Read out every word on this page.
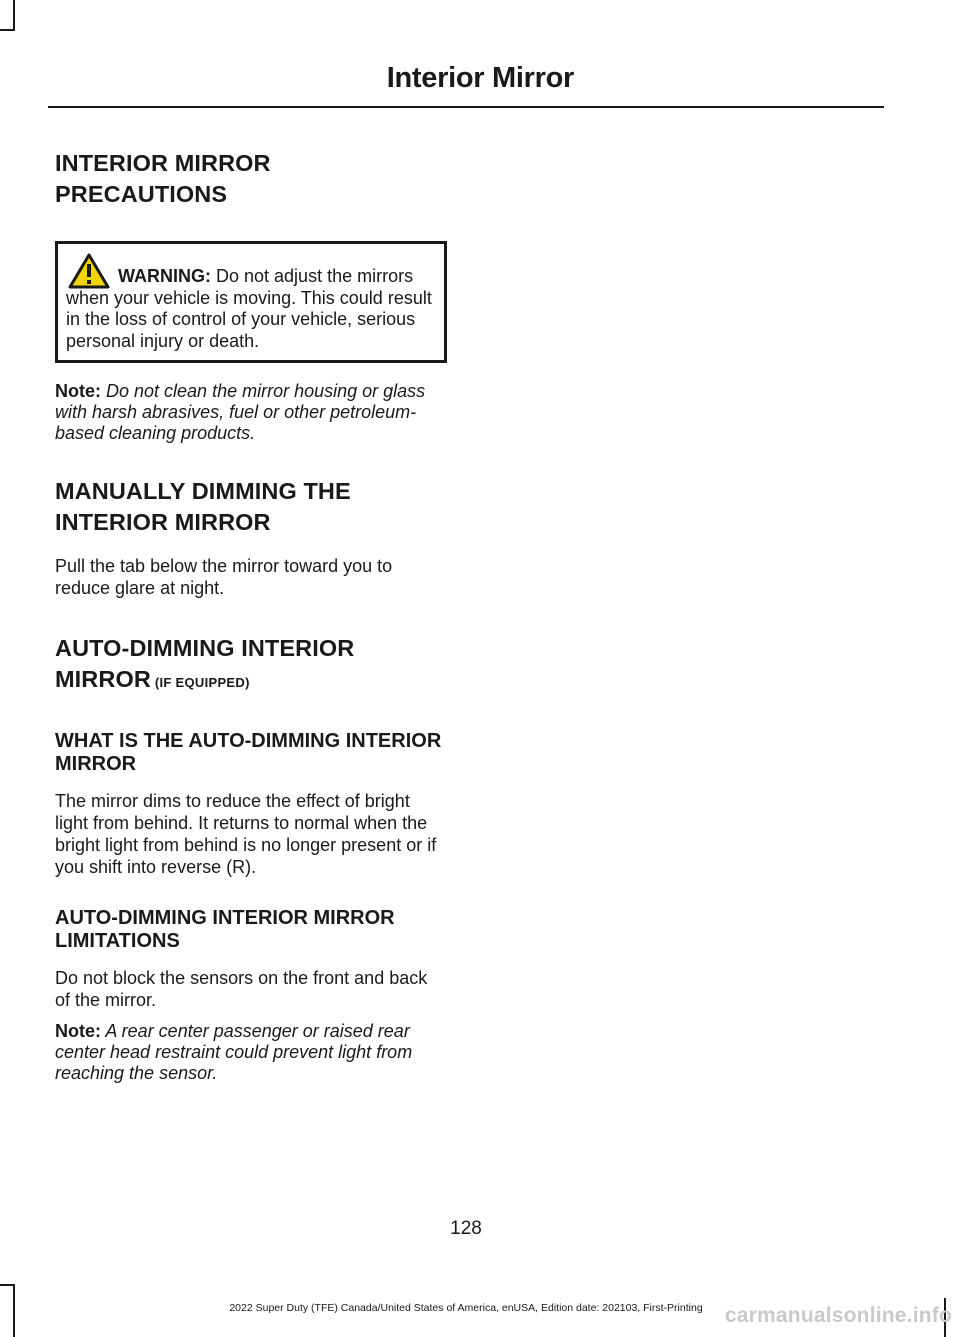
Interior Mirror
INTERIOR MIRROR
PRECAUTIONS
WARNING: Do not adjust the mirrors when your vehicle is moving. This could result in the loss of control of your vehicle, serious personal injury or death.

Note: Do not clean the mirror housing or glass with harsh abrasives, fuel or other petroleum-based cleaning products.

MANUALLY DIMMING THE
INTERIOR MIRROR

Pull the tab below the mirror toward you to reduce glare at night.

AUTO-DIMMING INTERIOR
MIRROR (IF EQUIPPED)
WHAT IS THE AUTO-DIMMING INTERIOR MIRROR

The mirror dims to reduce the effect of bright light from behind. It returns to normal when the bright light from behind is no longer present or if you shift into reverse (R).

AUTO-DIMMING INTERIOR MIRROR LIMITATIONS

Do not block the sensors on the front and back of the mirror.

Note: A rear center passenger or raised rear center head restraint could prevent light from reaching the sensor.

128
2022 Super Duty (TFE) Canada/United States of America, enUSA, Edition date: 202103, First-Printing	carmanualsonline.info
